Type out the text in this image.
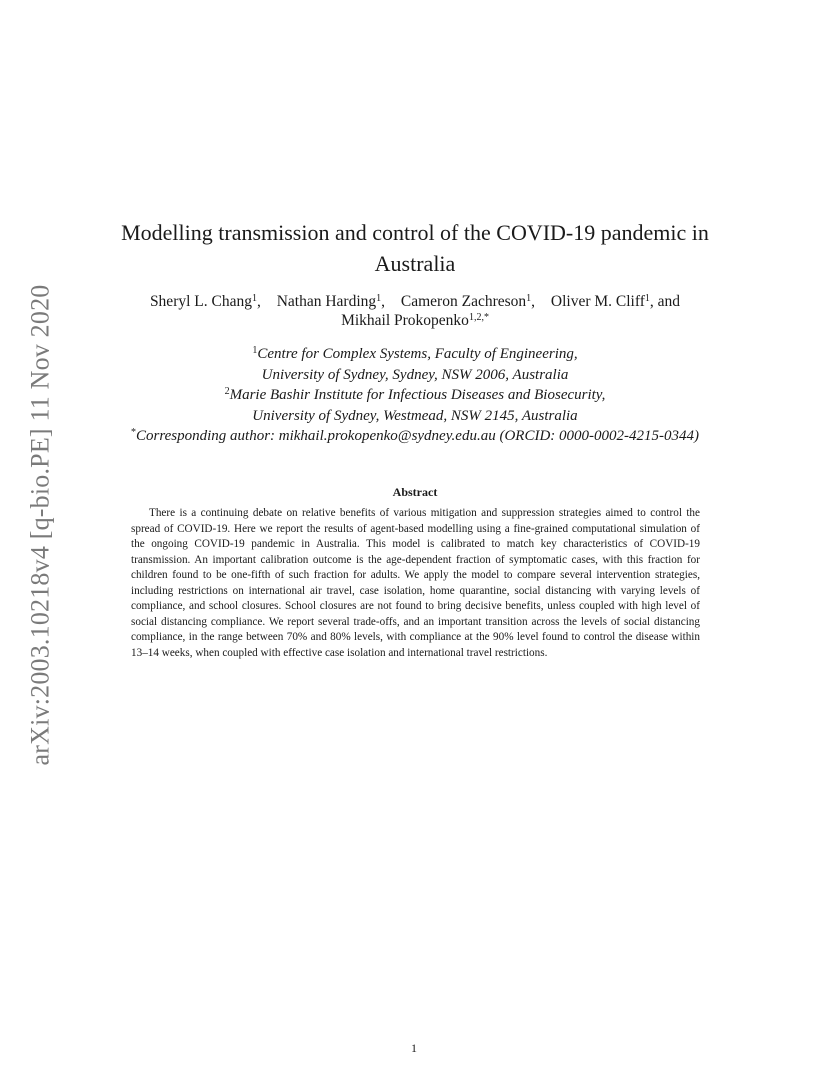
arXiv:2003.10218v4 [q-bio.PE] 11 Nov 2020
Modelling transmission and control of the COVID-19 pandemic in Australia
Sheryl L. Chang$^1$, Nathan Harding$^1$, Cameron Zachreson$^1$, Oliver M. Cliff$^1$, and
Mikhail Prokopenko$^{1,2,*}$
$^1$Centre for Complex Systems, Faculty of Engineering,
University of Sydney, Sydney, NSW 2006, Australia
$^2$Marie Bashir Institute for Infectious Diseases and Biosecurity,
University of Sydney, Westmead, NSW 2145, Australia
*Corresponding author: mikhail.prokopenko@sydney.edu.au (ORCID: 0000-0002-4215-0344)
Abstract

There is a continuing debate on relative benefits of various mitigation and suppression strategies aimed to control the spread of COVID-19. Here we report the results of agent-based modelling using a fine-grained computational simulation of the ongoing COVID-19 pandemic in Australia. This model is calibrated to match key characteristics of COVID-19 transmission. An important calibration outcome is the age-dependent fraction of symptomatic cases, with this fraction for children found to be one-fifth of such fraction for adults. We apply the model to compare several intervention strategies, including restrictions on international air travel, case isolation, home quarantine, social distancing with varying levels of compliance, and school closures. School closures are not found to bring decisive benefits, unless coupled with high level of social distancing compliance. We report several trade-offs, and an important transition across the levels of social distancing compliance, in the range between 70% and 80% levels, with compliance at the 90% level found to control the disease within 13–14 weeks, when coupled with effective case isolation and international travel restrictions.

1
